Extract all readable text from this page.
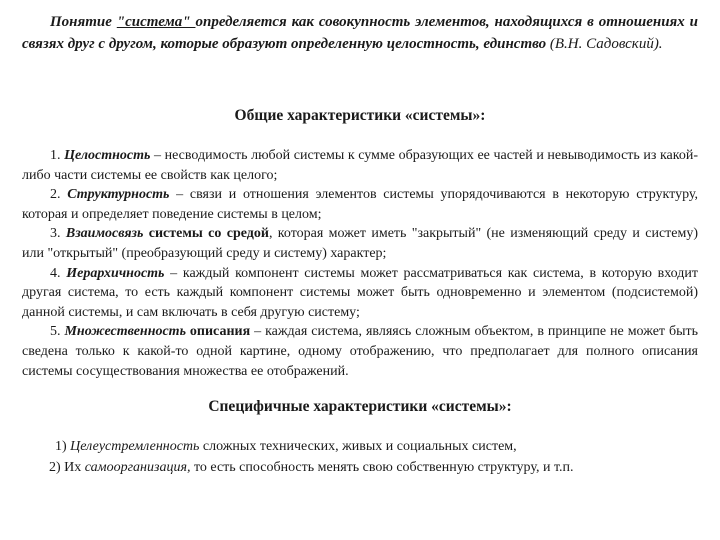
Понятие "система" определяется как совокупность элементов, находящихся в отношениях и связях друг с другом, которые образуют определенную целостность, единство (В.Н. Садовский).

Общие характеристики «системы»:

1. Целостность – несводимость любой системы к сумме образующих ее частей и невыводимость из какой-либо части системы ее свойств как целого;

2. Структурность – связи и отношения элементов системы упорядочиваются в некоторую структуру, которая и определяет поведение системы в целом;

3. Взаимосвязь системы со средой, которая может иметь "закрытый" (не изменяющий среду и систему) или "открытый" (преобразующий среду и систему) характер;

4. Иерархичность – каждый компонент системы может рассматриваться как система, в которую входит другая система, то есть каждый компонент системы может быть одновременно и элементом (подсистемой) данной системы, и сам включать в себя другую систему;

5. Множественность описания – каждая система, являясь сложным объектом, в принципе не может быть сведена только к какой-то одной картине, одному отображению, что предполагает для полного описания системы сосуществования множества ее отображений.

Специфичные характеристики «системы»:

1) Целеустремленность сложных технических, живых и социальных систем,

2) Их самоорганизация, то есть способность менять свою собственную структуру, и т.п.
